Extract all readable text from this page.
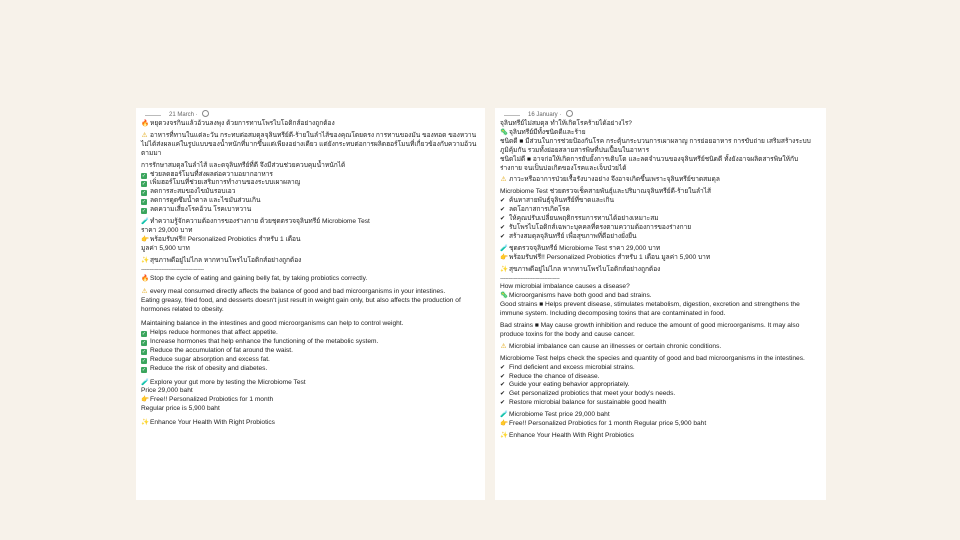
21 March ·

🔥หยุดวงจรกินแล้วอ้วนลงพุง ด้วยการทานโพรไบโอติกส์อย่างถูกต้อง

⚠ อาหารที่ทานในแต่ละวัน กระทบต่อสมดุลจุลินทรีย์ดี-ร้ายในลำไส้ของคุณโดยตรง การทานของมัน ของทอด ของหวาน ไม่ได้ส่งผลแค่ในรูปแบบของน้ำหนักที่มากขึ้นแต่เพียงอย่างเดียว แต่ยังกระทบต่อการผลิตฮอร์โมนที่เกี่ยวข้องกับความอ้วนตามมา

การรักษาสมดุลในลำไส้ และดจุลินทรีย์ที่ดี จึงมีส่วนช่วยควบคุมน้ำหนักได้

✓ ช่วยลดฮอร์โมนที่ส่งผลต่อความอยากอาหาร

✓ เพิ่มฮอร์โมนที่ช่วยเสริมการทำงานของระบบเผาผลาญ

✓ ลดการสะสมของไขมันรอบเอว

✓ ลดการดูดซึมน้ำตาล และไขมันส่วนเกิน

✓ ลดความเสี่ยงโรคอ้วน โรคเบาหวาน

🧪ทำความรู้จักความต้องการของร่างกาย ด้วยชุดตรวจจุลินทรีย์ Microbiome Test

ราคา 29,000 บาท

👉พร้อมรับฟรี!! Personalized Probiotics สำหรับ 1 เดือน

มูลค่า 5,900 บาท

✨สุขภาพดีอยู่ไม่ไกล หากทานโพรไบโอติกส์อย่างถูกต้อง

-------------------------------------

🔥Stop the cycle of eating and gaining belly fat, by taking probiotics correctly.

⚠ every meal consumed directly affects the balance of good and bad microorganisms in your intestines.

Eating greasy, fried food, and desserts doesn't just result in weight gain only, but also affects the production of hormones related to obesity.

Maintaining balance in the intestines and good microorganisms can help to control weight.

✓ Helps reduce hormones that affect appetite.

✓ Increase hormones that help enhance the functioning of the metabolic system.

✓ Reduce the accumulation of fat around the waist.

✓ Reduce sugar absorption and excess fat.

✓ Reduce the risk of obesity and diabetes.

🧪Explore your gut more by testing the Microbiome Test

Price 29,000 baht

👉Free!! Personalized Probiotics for 1 month

Regular price is 5,900 baht

✨Enhance Your Health With Right Probiotics

16 January ·

จุลินทรีย์ไม่สมดุล ทำให้เกิดโรคร้ายได้อย่างไร?

🦠จุลินทรีย์มีทั้งชนิดดีและร้าย

ชนิดดี ■ มีส่วนในการช่วยป้องกันโรค กระตุ้นกระบวนการเผาผลาญ การย่อยอาหาร การขับถ่าย เสริมสร้างระบบภูมิคุ้มกัน รวมทั้งย่อยสลายสารพิษที่ปนเปื้อนในอาหาร

ชนิดไม่ดี ■ อาจก่อให้เกิดการยับยั้งการเติบโต และลดจำนวนของจุลินทรีย์ชนิดดี ทั้งยังอาจผลิตสารพิษให้กับร่างกาย จนเป็นบ่อเกิดของโรคและเจ็บป่วยได้

⚠ ภาวะหรืออาการป่วยเรื้อรังบางอย่าง จึงอาจเกิดขึ้นเพราะจุลินทรีย์ขาดสมดุล

Microbiome Test ช่วยตรวจเช็คสายพันธุ์และปริมาณจุลินทรีย์ดี-ร้ายในลำไส้

✔ ค้นหาสายพันธุ์จุลินทรีย์ที่ขาดและเกิน

✔ ลดโอกาสการเกิดโรค

✔ ให้คุณปรับเปลี่ยนพฤติกรรมการทานได้อย่างเหมาะสม

✔ รับโพรไบโอติกส์เฉพาะบุคคลที่ตรงตามความต้องการของร่างกาย

✔ สร้างสมดุลจุลินทรีย์ เพื่อสุขภาพที่ดีอย่างยั่งยืน

🧪ชุดตรวจจุลินทรีย์ Microbiome Test ราคา 29,000 บาท

👉พร้อมรับฟรี!! Personalized Probiotics สำหรับ 1 เดือน มูลค่า 5,900 บาท

✨สุขภาพดีอยู่ไม่ไกล หากทานโพรไบโอติกส์อย่างถูกต้อง

-----------------------------------

How microbial imbalance causes a disease?

🦠Microorganisms have both good and bad strains.

Good strains ■ Helps prevent disease, stimulates metabolism, digestion, excretion and strengthens the immune system. Including decomposing toxins that are contaminated in food.

Bad strains ■ May cause growth inhibition and reduce the amount of good microorganisms. It may also produce toxins for the body and cause cancer.

⚠ Microbial imbalance can cause an illnesses or certain chronic conditions.

Microbiome Test helps check the species and quantity of good and bad microorganisms in the intestines.

✔ Find deficient and excess microbial strains.

✔ Reduce the chance of disease.

✔ Guide your eating behavior appropriately.

✔ Get personalized probiotics that meet your body's needs.

✔ Restore microbial balance for sustainable good health

🧪Microbiome Test price 29,000 baht

👉Free!! Personalized Probiotics for 1 month Regular price 5,900 baht

✨Enhance Your Health With Right Probiotics
